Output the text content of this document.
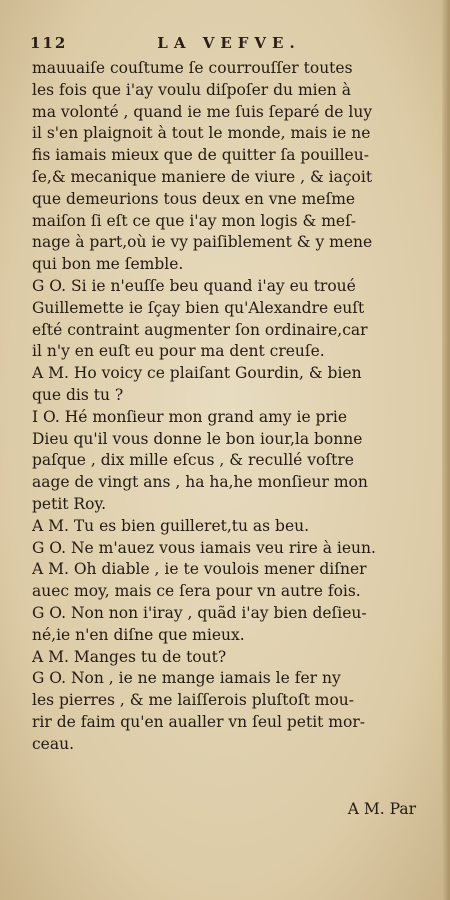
112	LA VEFVE.
mauuaiſe couſtume ſe courrouſſer toutes
les fois que i'ay voulu diſpoſer du mien à
ma volonté , quand ie me ſuis ſeparé de luy
il s'en plaignoit à tout le monde, mais ie ne
fis iamais mieux que de quitter ſa pouilleu-
ſe,& mecanique maniere de viure , & iaçoit
que demeurions tous deux en vne meſme
maiſon ſi eſt ce que i'ay mon logis & meſ-
nage à part,où ie vy paiſiblement & y mene
qui bon me ſemble.
G O. Si ie n'euſſe beu quand i'ay eu troué
Guillemette ie ſçay bien qu'Alexandre euſt
eſté contraint augmenter ſon ordinaire,car
il n'y en euſt eu pour ma dent creuſe.
A M. Ho voicy ce plaiſant Gourdin, & bien
que dis tu ?
I O. Hé monſieur mon grand amy ie prie
Dieu qu'il vous donne le bon iour,la bonne
paſque , dix mille eſcus , & recullé voſtre
aage de vingt ans , ha ha,he monſieur mon
petit Roy.
A M. Tu es bien guilleret,tu as beu.
G O. Ne m'auez vous iamais veu rire à ieun.
A M. Oh diable , ie te voulois mener diſner
auec moy, mais ce ſera pour vn autre fois.
G O. Non non i'iray , quãd i'ay bien deſieu-
né,ie n'en diſne que mieux.
A M. Manges tu de tout?
G O. Non , ie ne mange iamais le fer ny
les pierres , & me laiſſerois pluſtoſt mou-
rir de faim qu'en aualler vn ſeul petit mor-
ceau.
A M. Par
